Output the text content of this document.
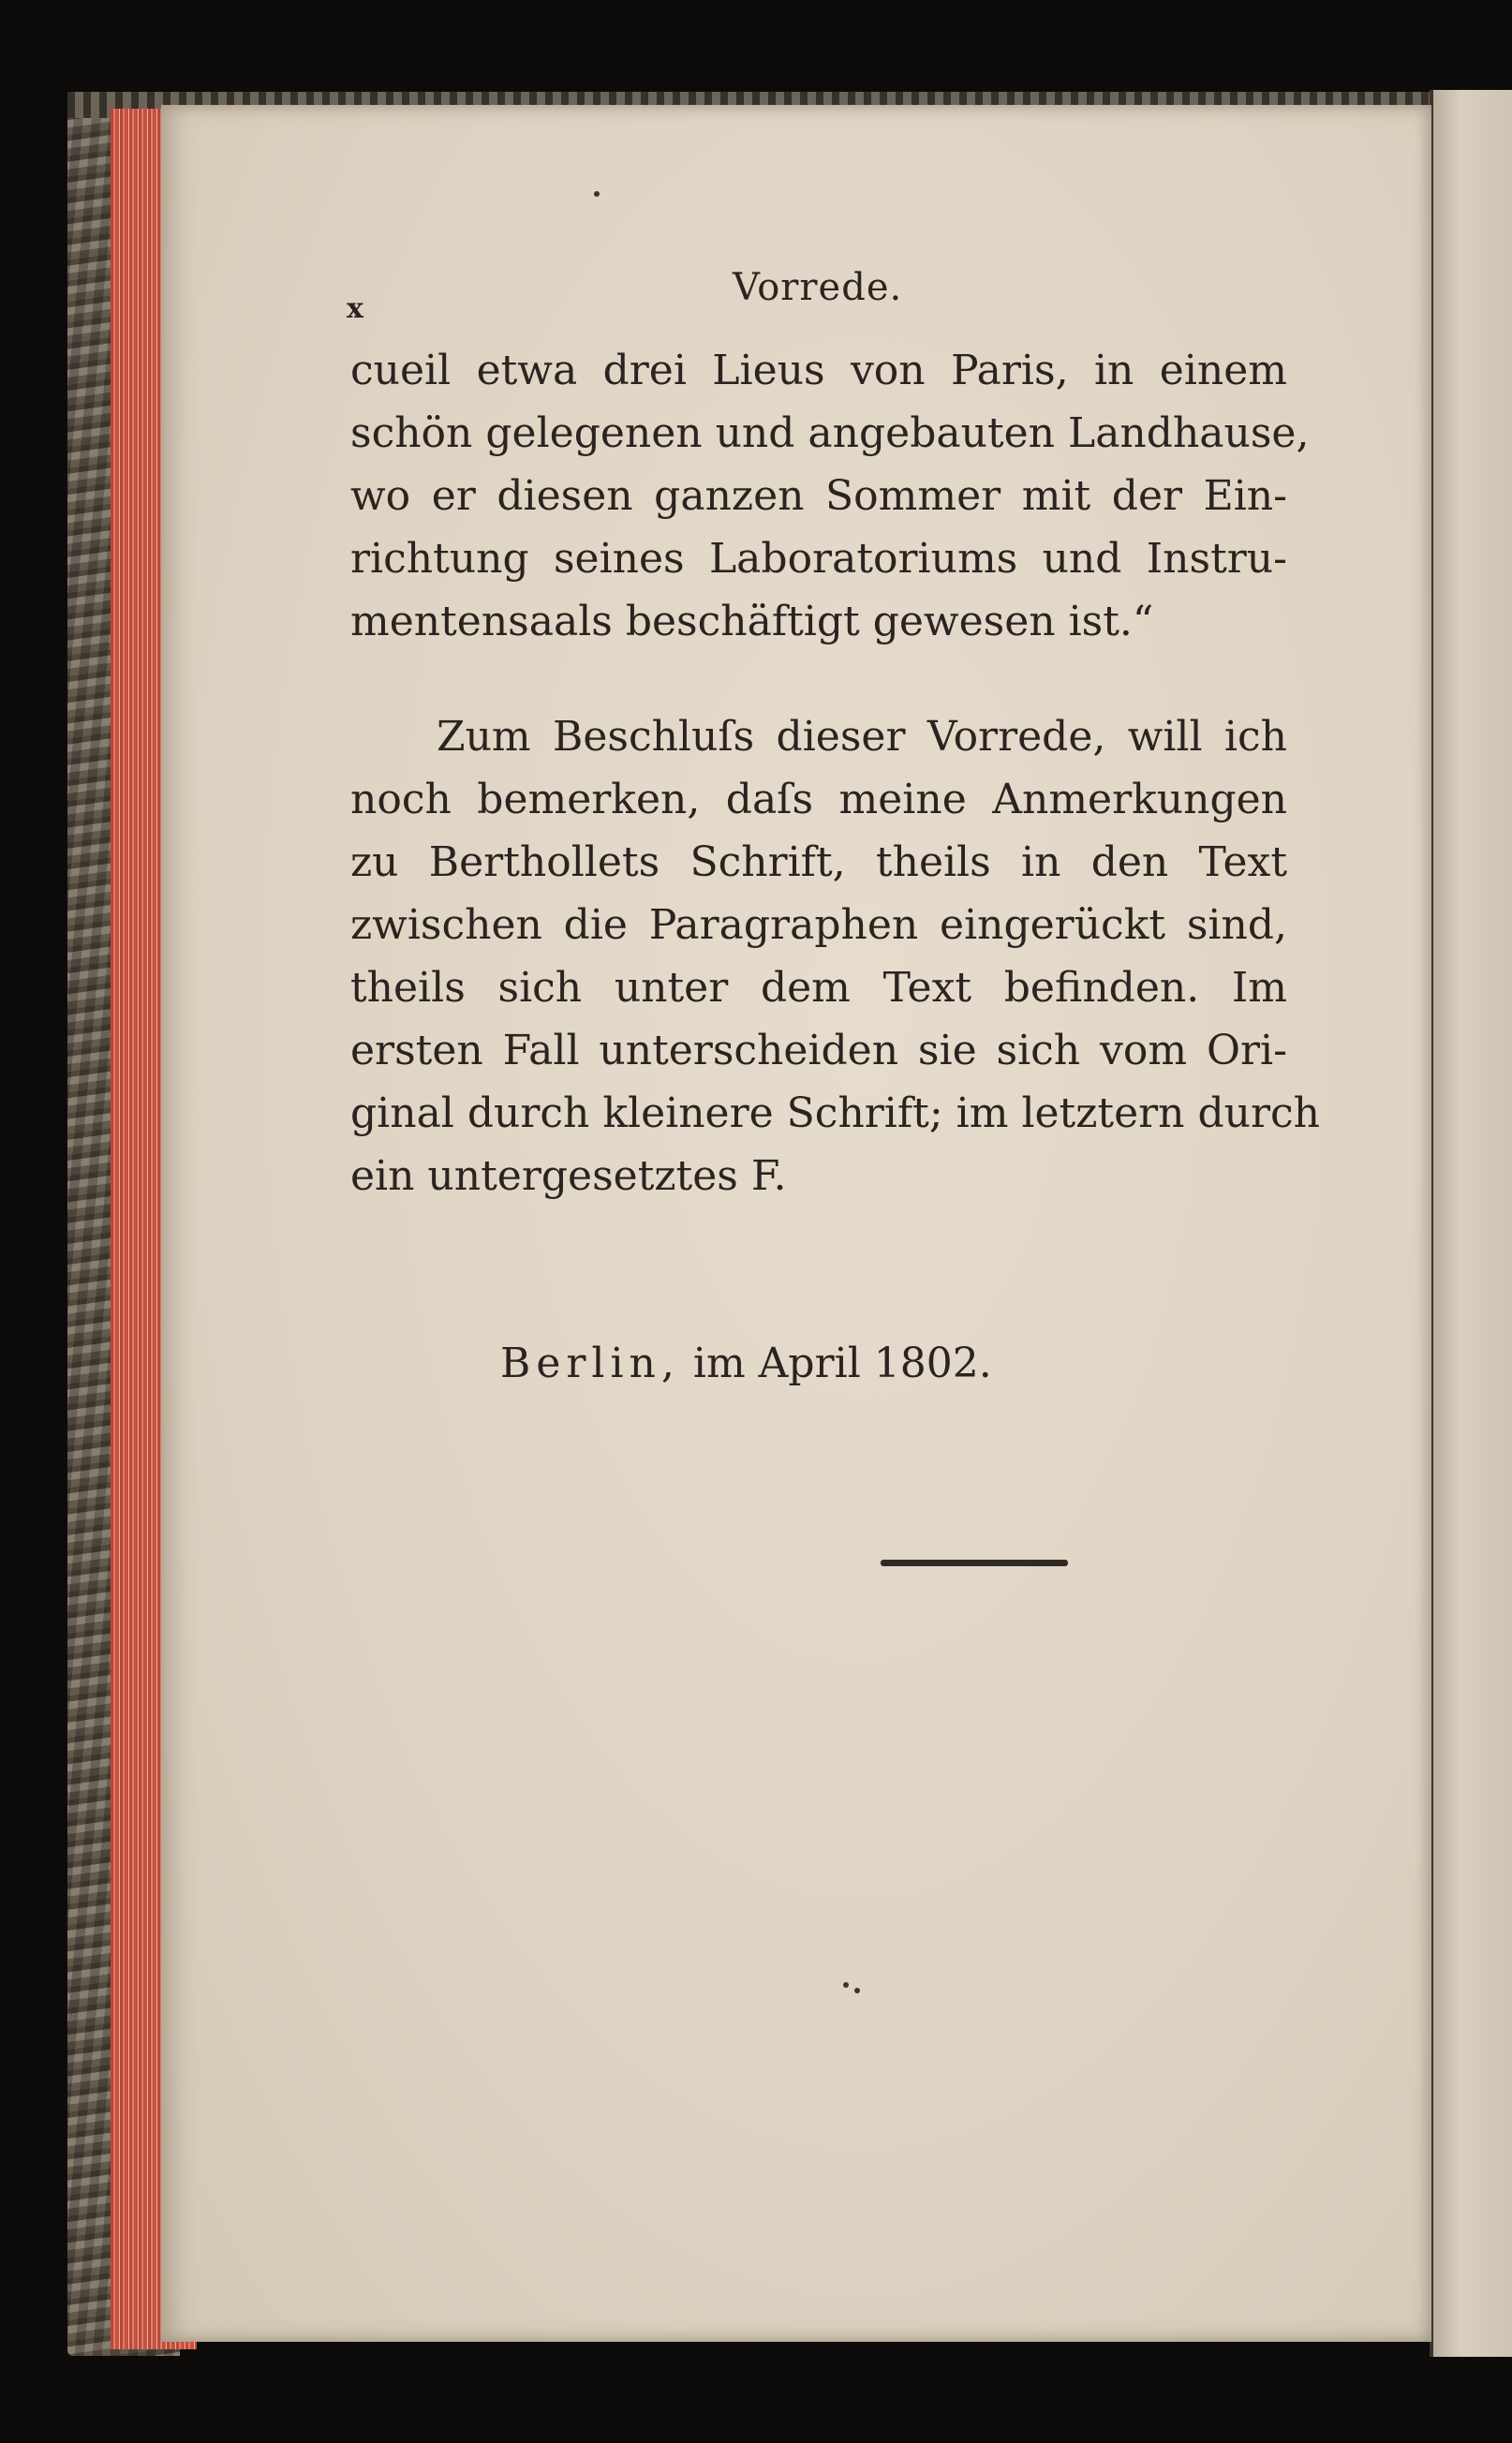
x	Vorrede.
cueil etwa drei Lieus von Paris, in einem
schön gelegenen und angebauten Landhause,
wo er diesen ganzen Sommer mit der Ein-
richtung seines Laboratoriums und Instru-
mentensaals beschäftigt gewesen ist.“
Zum Beschluſs dieser Vorrede, will ich
noch bemerken, daſs meine Anmerkungen
zu Berthollets Schrift, theils in den Text
zwischen die Paragraphen eingerückt sind,
theils sich unter dem Text befinden. Im
ersten Fall unterscheiden sie sich vom Ori-
ginal durch kleinere Schrift; im letztern durch
ein untergesetztes F.
Berlin, im April 1802.
